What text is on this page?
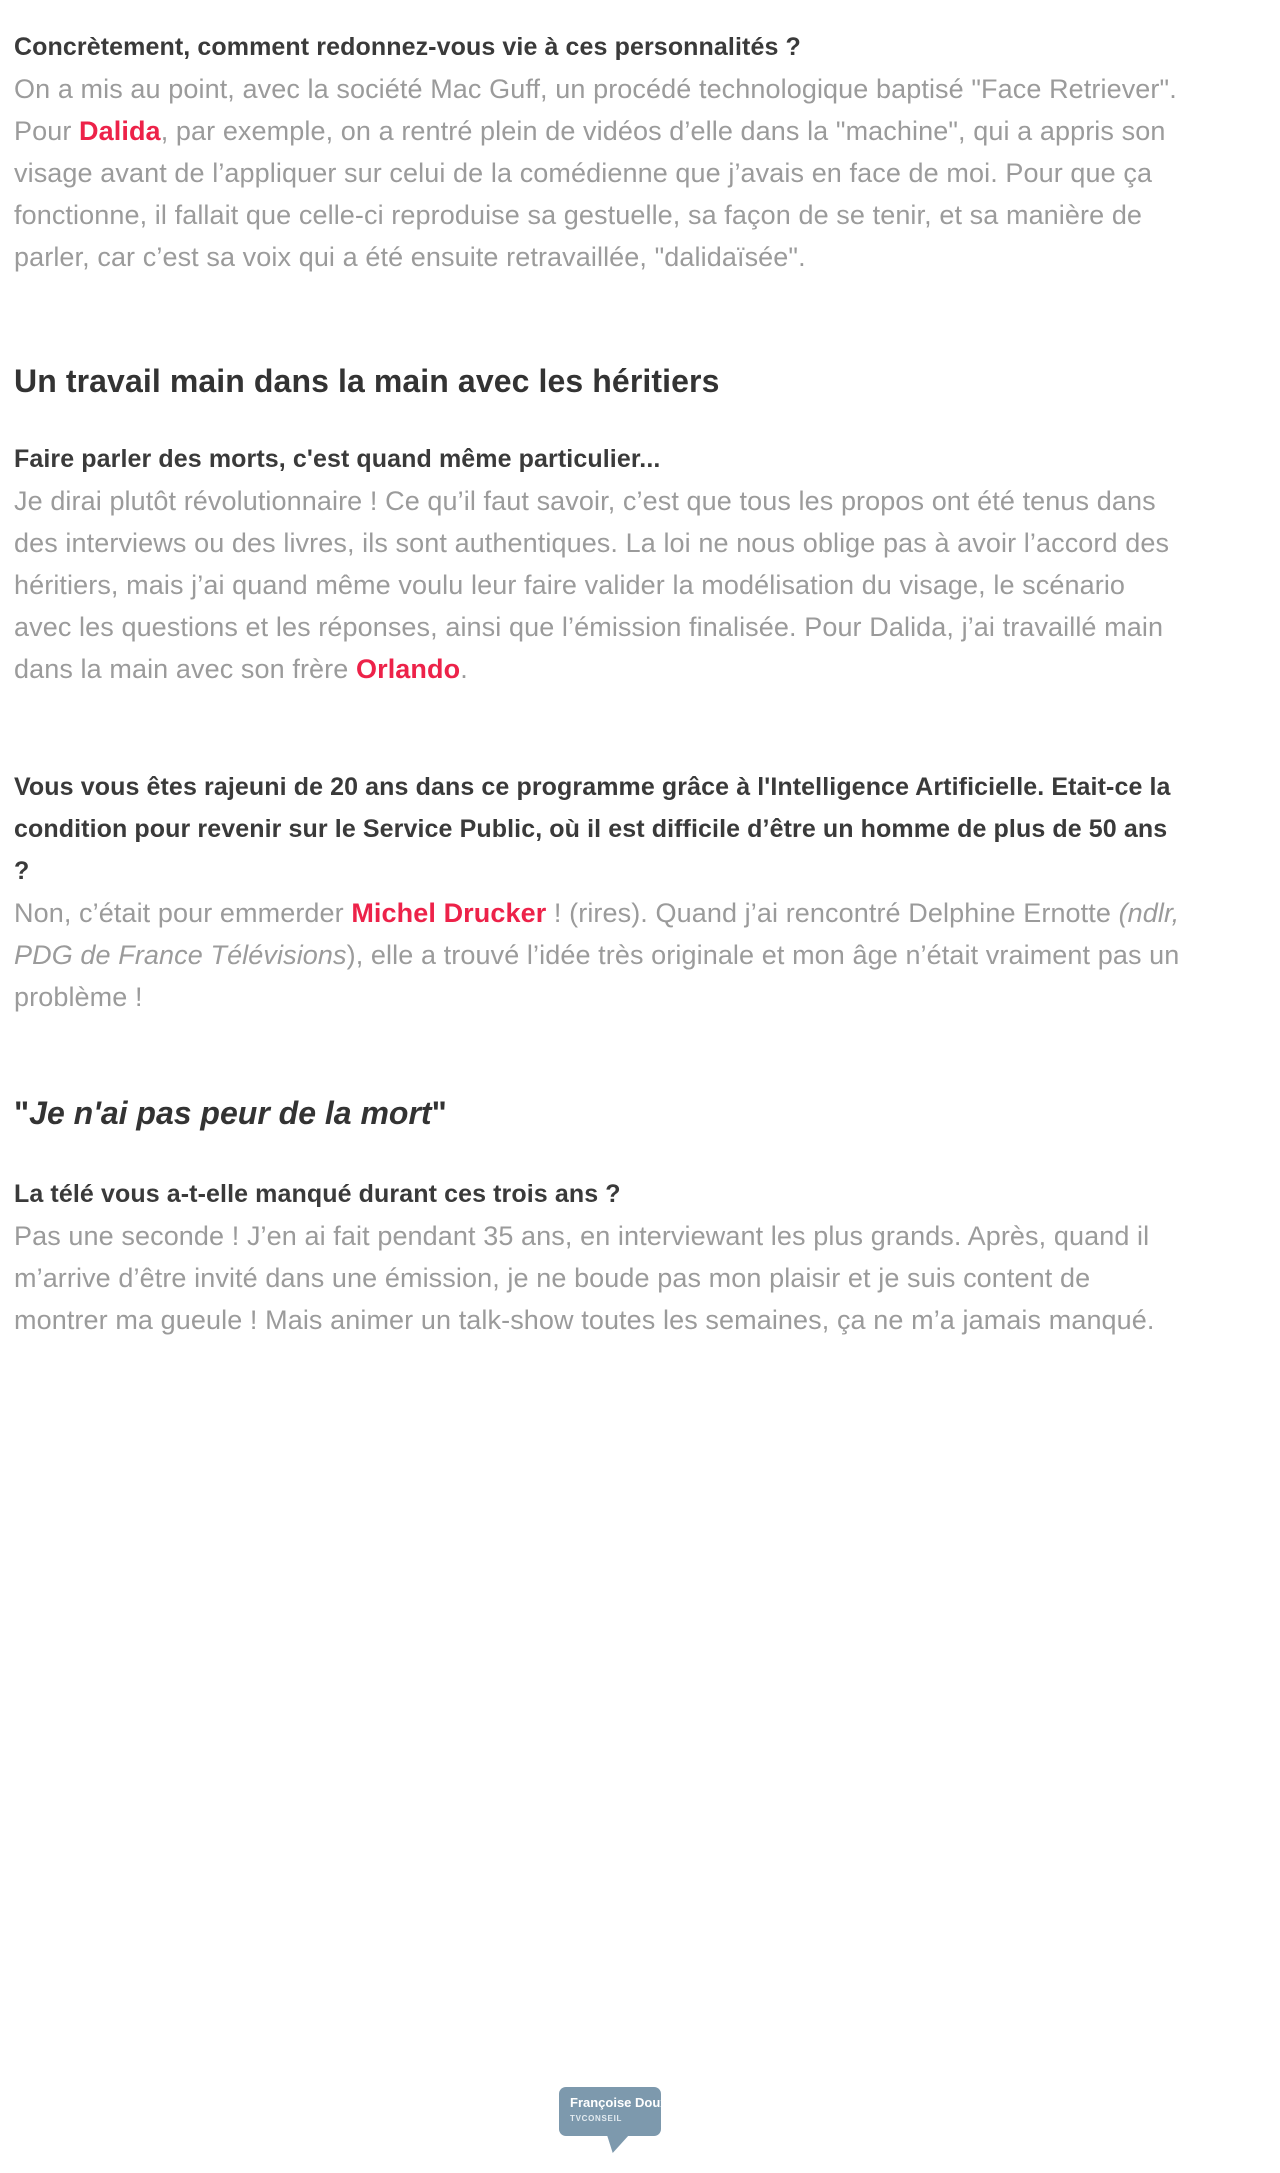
Concrètement, comment redonnez-vous vie à ces personnalités ?

On a mis au point, avec la société Mac Guff, un procédé technologique baptisé "Face Retriever". Pour Dalida, par exemple, on a rentré plein de vidéos d’elle dans la "machine", qui a appris son visage avant de l’appliquer sur celui de la comédienne que j’avais en face de moi. Pour que ça fonctionne, il fallait que celle-ci reproduise sa gestuelle, sa façon de se tenir, et sa manière de parler, car c’est sa voix qui a été ensuite retravaillée, "dalidaïsée".

Un travail main dans la main avec les héritiers
Faire parler des morts, c'est quand même particulier...

Je dirai plutôt révolutionnaire ! Ce qu’il faut savoir, c’est que tous les propos ont été tenus dans des interviews ou des livres, ils sont authentiques. La loi ne nous oblige pas à avoir l’accord des héritiers, mais j’ai quand même voulu leur faire valider la modélisation du visage, le scénario avec les questions et les réponses, ainsi que l’émission finalisée. Pour Dalida, j’ai travaillé main dans la main avec son frère Orlando.

Vous vous êtes rajeuni de 20 ans dans ce programme grâce à l'Intelligence Artificielle. Etait-ce la condition pour revenir sur le Service Public, où il est difficile d’être un homme de plus de 50 ans ?

Non, c’était pour emmerder Michel Drucker ! (rires). Quand j’ai rencontré Delphine Ernotte (ndlr, PDG de France Télévisions), elle a trouvé l’idée très originale et mon âge n’était vraiment pas un problème !

"Je n'ai pas peur de la mort"
La télé vous a-t-elle manqué durant ces trois ans ?

Pas une seconde ! J’en ai fait pendant 35 ans, en interviewant les plus grands. Après, quand il m’arrive d’être invité dans une émission, je ne boude pas mon plaisir et je suis content de montrer ma gueule ! Mais animer un talk-show toutes les semaines, ça ne m’a jamais manqué.

Françoise Doux
TVCONSEIL
